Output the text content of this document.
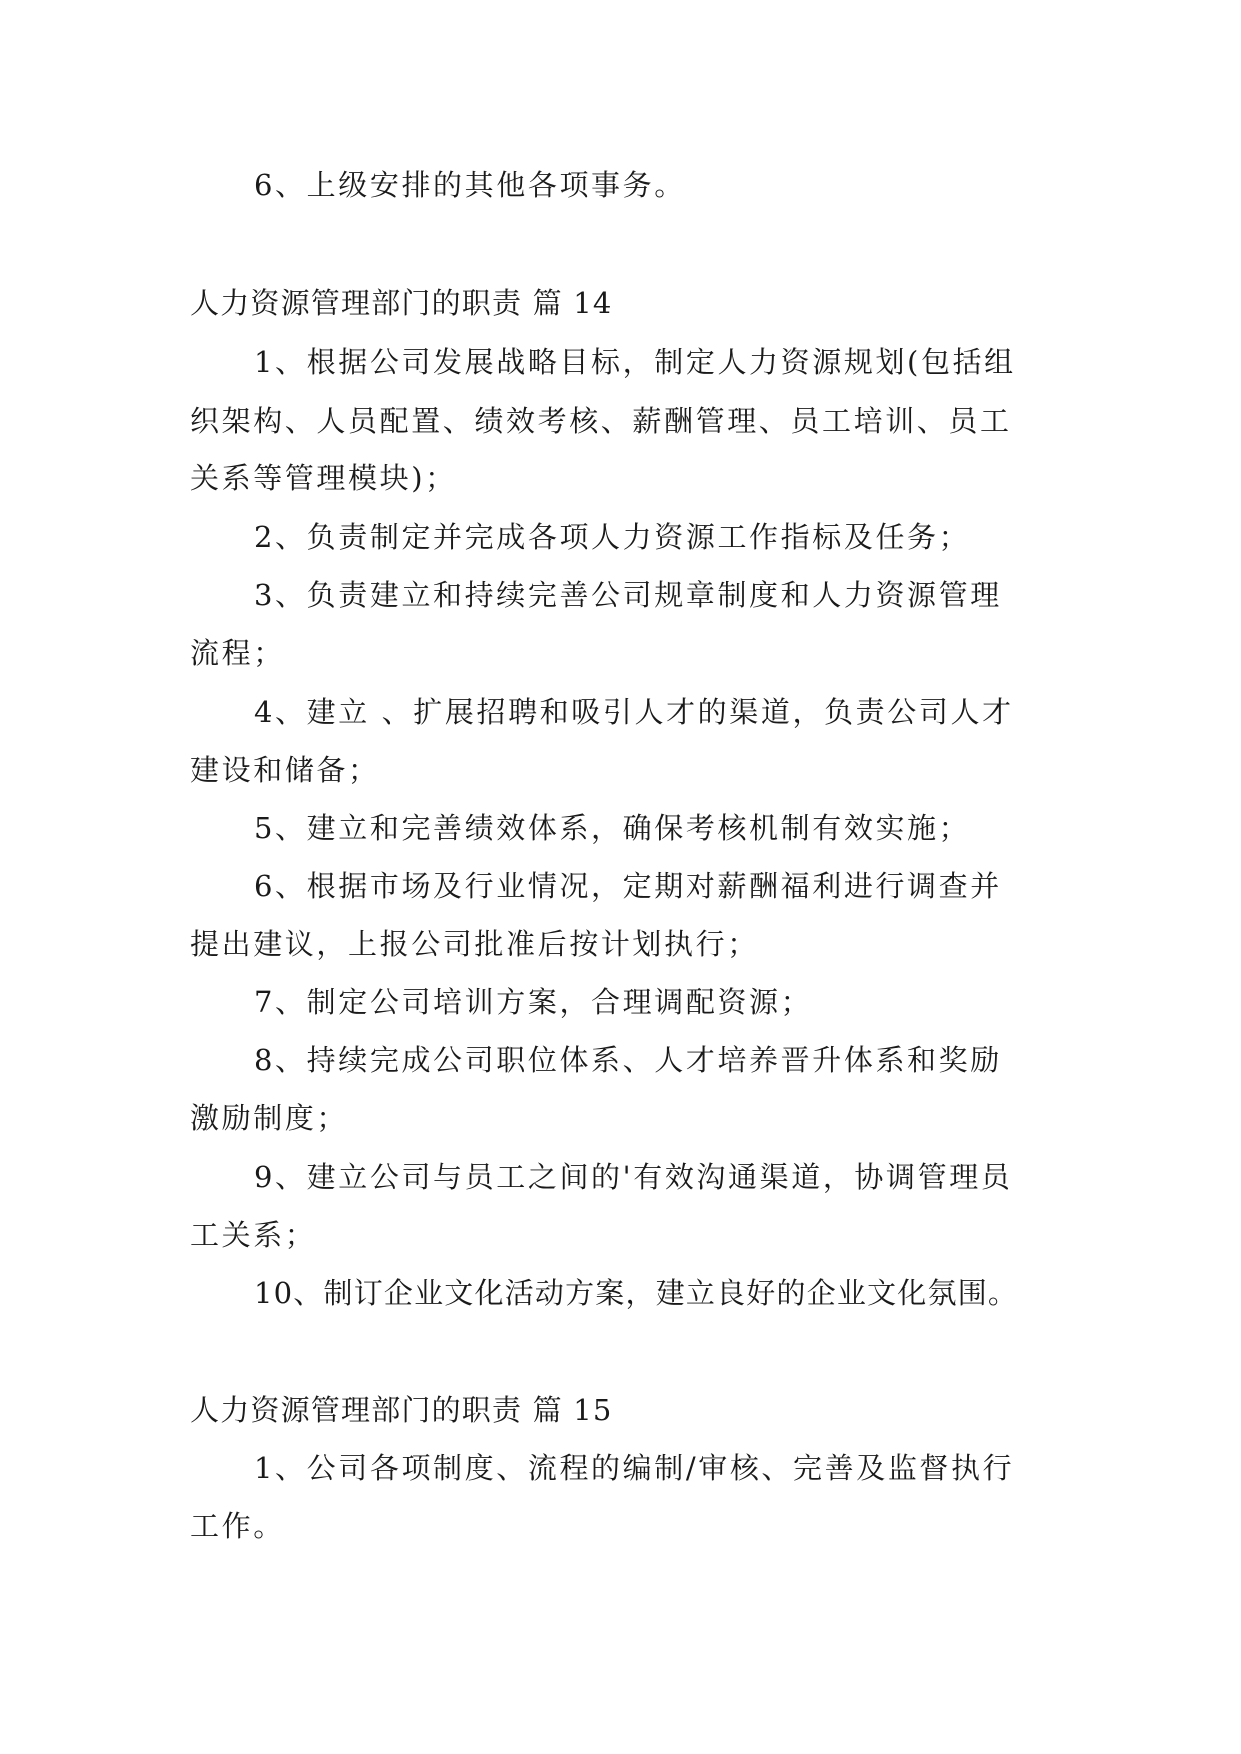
6、上级安排的其他各项事务。
人力资源管理部门的职责 篇 14
1、根据公司发展战略目标，制定人力资源规划(包括组
织架构、人员配置、绩效考核、薪酬管理、员工培训、员工
关系等管理模块)；
2、负责制定并完成各项人力资源工作指标及任务；
3、负责建立和持续完善公司规章制度和人力资源管理
流程；
4、建立 、扩展招聘和吸引人才的渠道，负责公司人才
建设和储备；
5、建立和完善绩效体系，确保考核机制有效实施；
6、根据市场及行业情况，定期对薪酬福利进行调查并
提出建议，上报公司批准后按计划执行；
7、制定公司培训方案，合理调配资源；
8、持续完成公司职位体系、人才培养晋升体系和奖励
激励制度；
9、建立公司与员工之间的'有效沟通渠道，协调管理员
工关系；
10、制订企业文化活动方案，建立良好的企业文化氛围。
人力资源管理部门的职责 篇 15
1、公司各项制度、流程的编制/审核、完善及监督执行
工作。
